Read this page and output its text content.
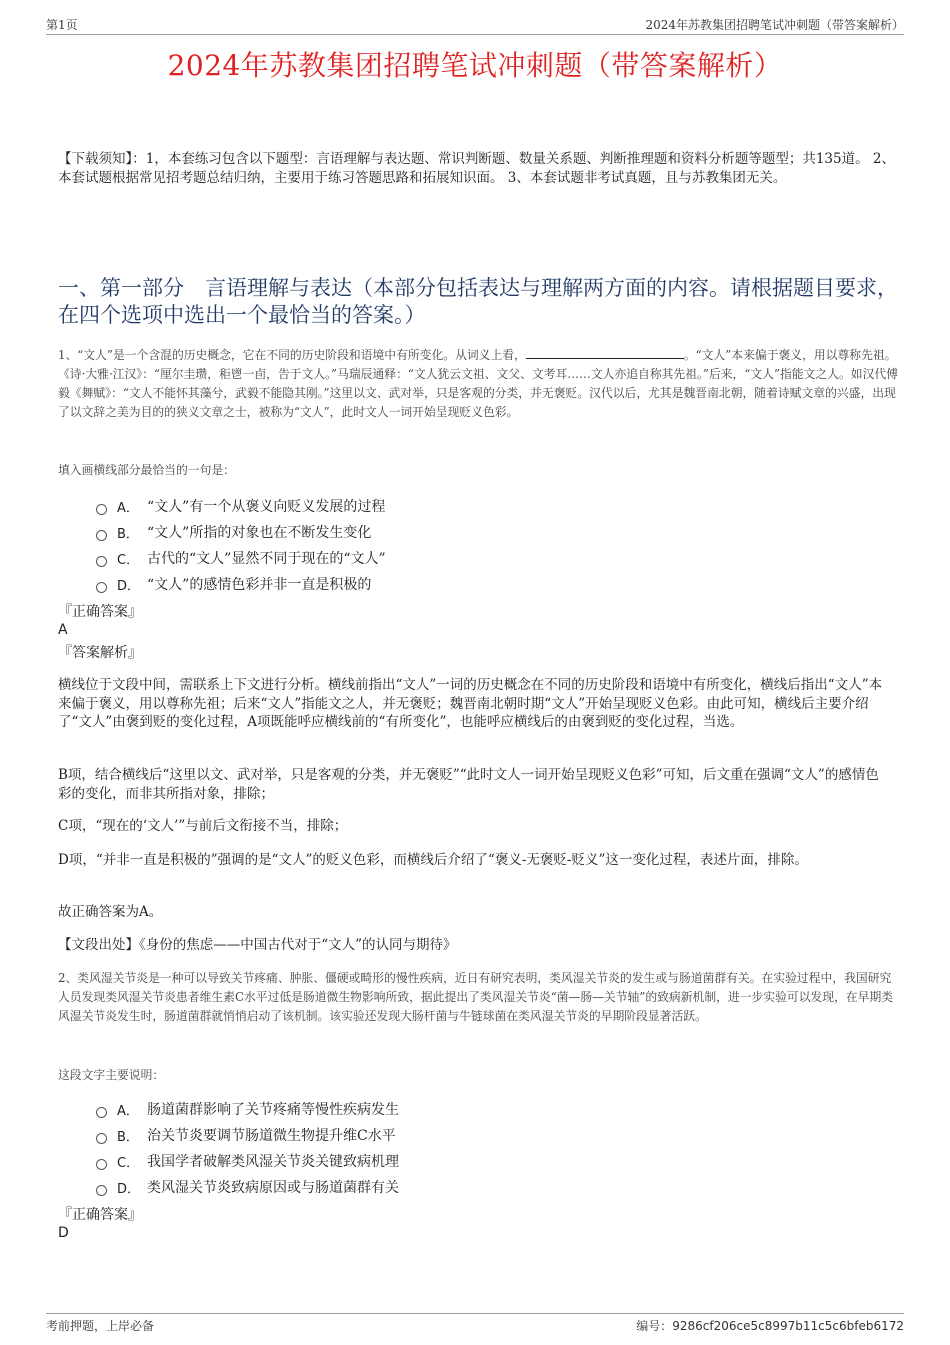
第1页	2024年苏教集团招聘笔试冲刺题（带答案解析）
2024年苏教集团招聘笔试冲刺题（带答案解析）
【下载须知】：1，本套练习包含以下题型：言语理解与表达题、常识判断题、数量关系题、判断推理题和资料分析题等题型；共135道。 2、本套试题根据常见招考题总结归纳，主要用于练习答题思路和拓展知识面。 3、本套试题非考试真题，且与苏教集团无关。
一、第一部分　言语理解与表达（本部分包括表达与理解两方面的内容。请根据题目要求，在四个选项中选出一个最恰当的答案。）
1、“文人”是一个含混的历史概念，它在不同的历史阶段和语境中有所变化。从词义上看，	。“文人”本来偏于褒义，用以尊称先祖。《诗·大雅·江汉》：“厘尔圭瓒，秬鬯一卣，告于文人。”马瑞辰通释：“文人犹云文祖、文父、文考耳……文人亦追自称其先祖。”后来，“文人”指能文之人。如汉代傅毅《舞赋》：“文人不能怀其藻兮，武毅不能隐其刚。”这里以文、武对举，只是客观的分类，并无褒贬。汉代以后，尤其是魏晋南北朝，随着诗赋文章的兴盛，出现了以文辞之美为目的的狭义文章之士，被称为“文人”，此时文人一词开始呈现贬义色彩。
填入画横线部分最恰当的一句是：
A． “文人”有一个从褒义向贬义发展的过程
B． “文人”所指的对象也在不断发生变化
C． 古代的“文人”显然不同于现在的“文人”
D． “文人”的感情色彩并非一直是积极的
『正确答案』
A
『答案解析』
横线位于文段中间，需联系上下文进行分析。横线前指出“文人”一词的历史概念在不同的历史阶段和语境中有所变化，横线后指出“文人”本来偏于褒义，用以尊称先祖；后来“文人”指能文之人，并无褒贬；魏晋南北朝时期“文人”开始呈现贬义色彩。由此可知，横线后主要介绍了“文人”由褒到贬的变化过程，A项既能呼应横线前的“有所变化”，也能呼应横线后的由褒到贬的变化过程，当选。
B项，结合横线后“这里以文、武对举，只是客观的分类，并无褒贬”“此时文人一词开始呈现贬义色彩”可知，后文重在强调“文人”的感情色彩的变化，而非其所指对象，排除；
C项，“现在的‘文人’”与前后文衔接不当，排除；
D项，“并非一直是积极的”强调的是“文人”的贬义色彩，而横线后介绍了“褒义-无褒贬-贬义”这一变化过程，表述片面，排除。
故正确答案为A。
【文段出处】《身份的焦虑——中国古代对于“文人”的认同与期待》
2、类风湿关节炎是一种可以导致关节疼痛、肿胀、僵硬或畸形的慢性疾病，近日有研究表明，类风湿关节炎的发生或与肠道菌群有关。在实验过程中，我国研究人员发现类风湿关节炎患者维生素C水平过低是肠道微生物影响所致，据此提出了类风湿关节炎“菌—肠—关节轴”的致病新机制，进一步实验可以发现，在早期类风湿关节炎发生时，肠道菌群就悄悄启动了该机制。该实验还发现大肠杆菌与牛链球菌在类风湿关节炎的早期阶段显著活跃。
这段文字主要说明：
A． 肠道菌群影响了关节疼痛等慢性疾病发生
B． 治关节炎要调节肠道微生物提升维C水平
C． 我国学者破解类风湿关节炎关键致病机理
D． 类风湿关节炎致病原因或与肠道菌群有关
『正确答案』
D
考前押题，上岸必备	编号：9286cf206ce5c8997b11c5c6bfeb6172
